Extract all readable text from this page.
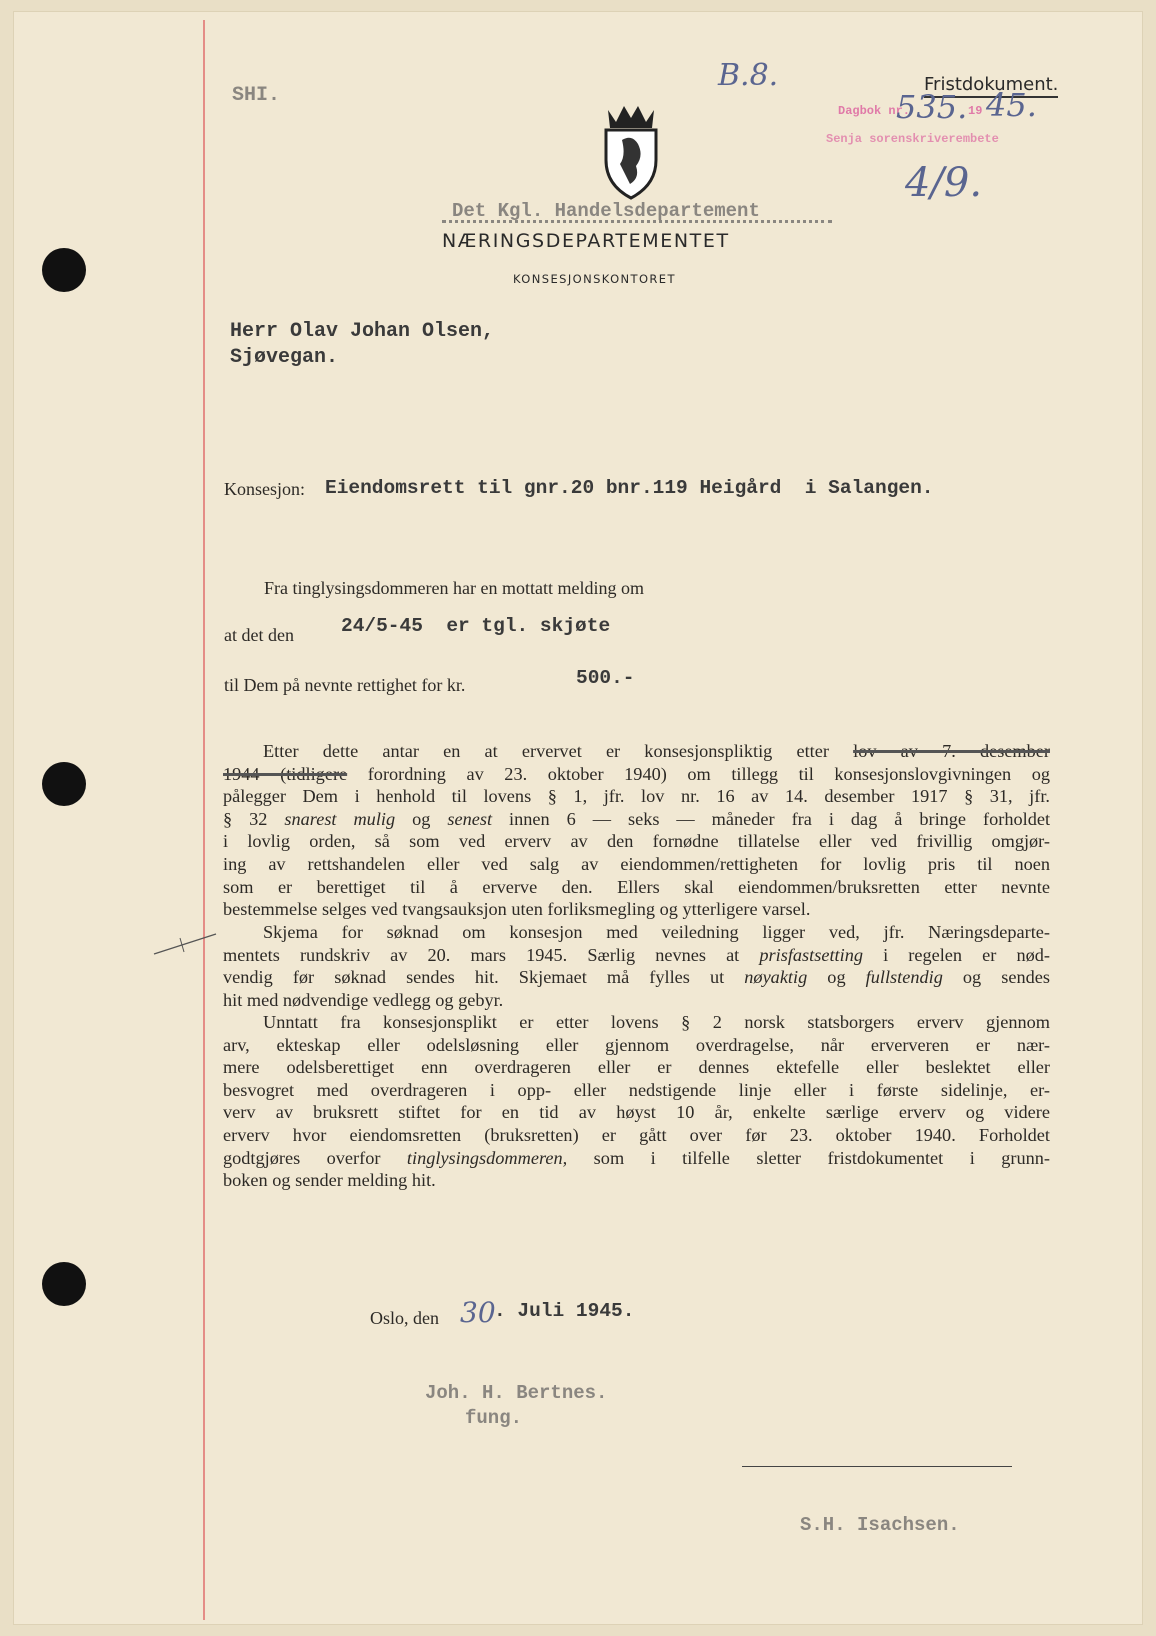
SHI.
B.8.	Fristdokument.
Dagbok nr.
535. 19 45.
Senja sorenskriverembete
4/9.
Det Kgl. Handelsdepartement
NÆRINGSDEPARTEMENTET
KONSESJONSKONTORET
Herr Olav Johan Olsen,
Sjøvegan.
Konsesjon: Eiendomsrett til gnr.20 bnr.119 Heigård  i Salangen.
Fra tinglysingsdommeren har en mottatt melding om
at det den 24/5-45  er tgl. skjøte
til Dem på nevnte rettighet for kr.	500.-
Etter dette antar en at ervervet er konsesjonspliktig etter lov av 7. desember
1944 (tidligere forordning av 23. oktober 1940) om tillegg til konsesjonslovgivningen og
pålegger Dem i henhold til lovens § 1, jfr. lov nr. 16 av 14. desember 1917 § 31, jfr.
§ 32 snarest mulig og senest innen 6 — seks — måneder fra i dag å bringe forholdet
i lovlig orden, så som ved erverv av den fornødne tillatelse eller ved frivillig omgjør-
ing av rettshandelen eller ved salg av eiendommen/rettigheten for lovlig pris til noen
som er berettiget til å erverve den. Ellers skal eiendommen/bruksretten etter nevnte
bestemmelse selges ved tvangsauksjon uten forliksmegling og ytterligere varsel.
Skjema for søknad om konsesjon med veiledning ligger ved, jfr. Næringsdeparte-
mentets rundskriv av 20. mars 1945. Særlig nevnes at prisfastsetting i regelen er nød-
vendig før søknad sendes hit. Skjemaet må fylles ut nøyaktig og fullstendig og sendes
hit med nødvendige vedlegg og gebyr.
Unntatt fra konsesjonsplikt er etter lovens § 2 norsk statsborgers erverv gjennom
arv, ekteskap eller odelsløsning eller gjennom overdragelse, når erververen er nær-
mere odelsberettiget enn overdrageren eller er dennes ektefelle eller beslektet eller
besvogret med overdrageren i opp- eller nedstigende linje eller i første sidelinje, er-
verv av bruksrett stiftet for en tid av høyst 10 år, enkelte særlige erverv og videre
erverv hvor eiendomsretten (bruksretten) er gått over før 23. oktober 1940. Forholdet
godtgjøres overfor tinglysingsdommeren, som i tilfelle sletter fristdokumentet i grunn-
boken og sender melding hit.
Oslo, den 30
. Juli 1945.
Joh. H. Bertnes.
fung.
S.H. Isachsen.
